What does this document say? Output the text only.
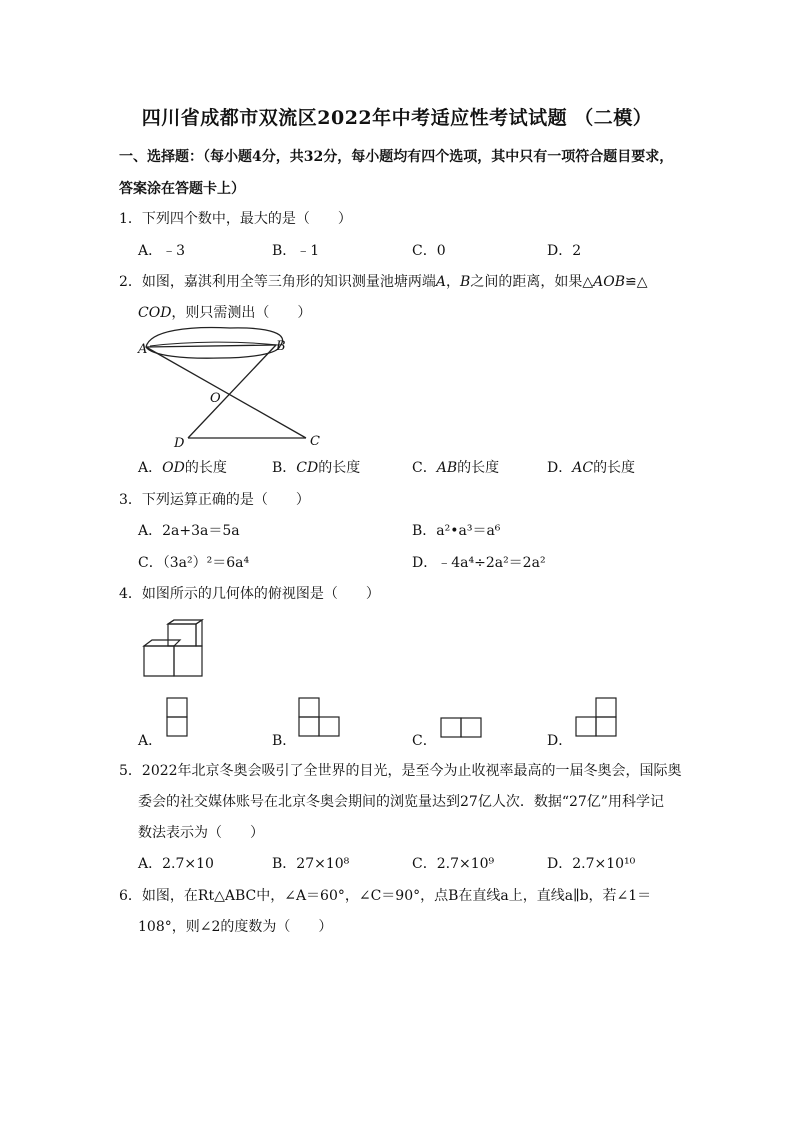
四川省成都市双流区2022年中考适应性考试试题 （二模）
一、选择题：（每小题4分，共32分，每小题均有四个选项，其中只有一项符合题目要求，
答案涂在答题卡上）
1．下列四个数中，最大的是（　　）
A．﹣3	B．﹣1	C．0	D．2
2．如图，嘉淇利用全等三角形的知识测量池塘两端A，B之间的距离，如果△AOB≌△
COD，则只需测出（　　）
A	B
O
D	C
A．OD的长度	B．CD的长度	C．AB的长度	D．AC的长度
3．下列运算正确的是（　　）
A．2a+3a＝5a	B．a²•a³＝a⁶
C．（3a²）²＝6a⁴	D．﹣4a⁴÷2a²＝2a²
4．如图所示的几何体的俯视图是（　　）
A．	B．	C．	D．
5．2022年北京冬奥会吸引了全世界的目光，是至今为止收视率最高的一届冬奥会，国际奥
委会的社交媒体账号在北京冬奥会期间的浏览量达到27亿人次．数据“27亿”用科学记
数法表示为（　　）
A．2.7×10	B．27×10⁸	C．2.7×10⁹	D．2.7×10¹⁰
6．如图，在Rt△ABC中，∠A＝60°，∠C＝90°，点B在直线a上，直线a∥b，若∠1＝
108°，则∠2的度数为（　　）
